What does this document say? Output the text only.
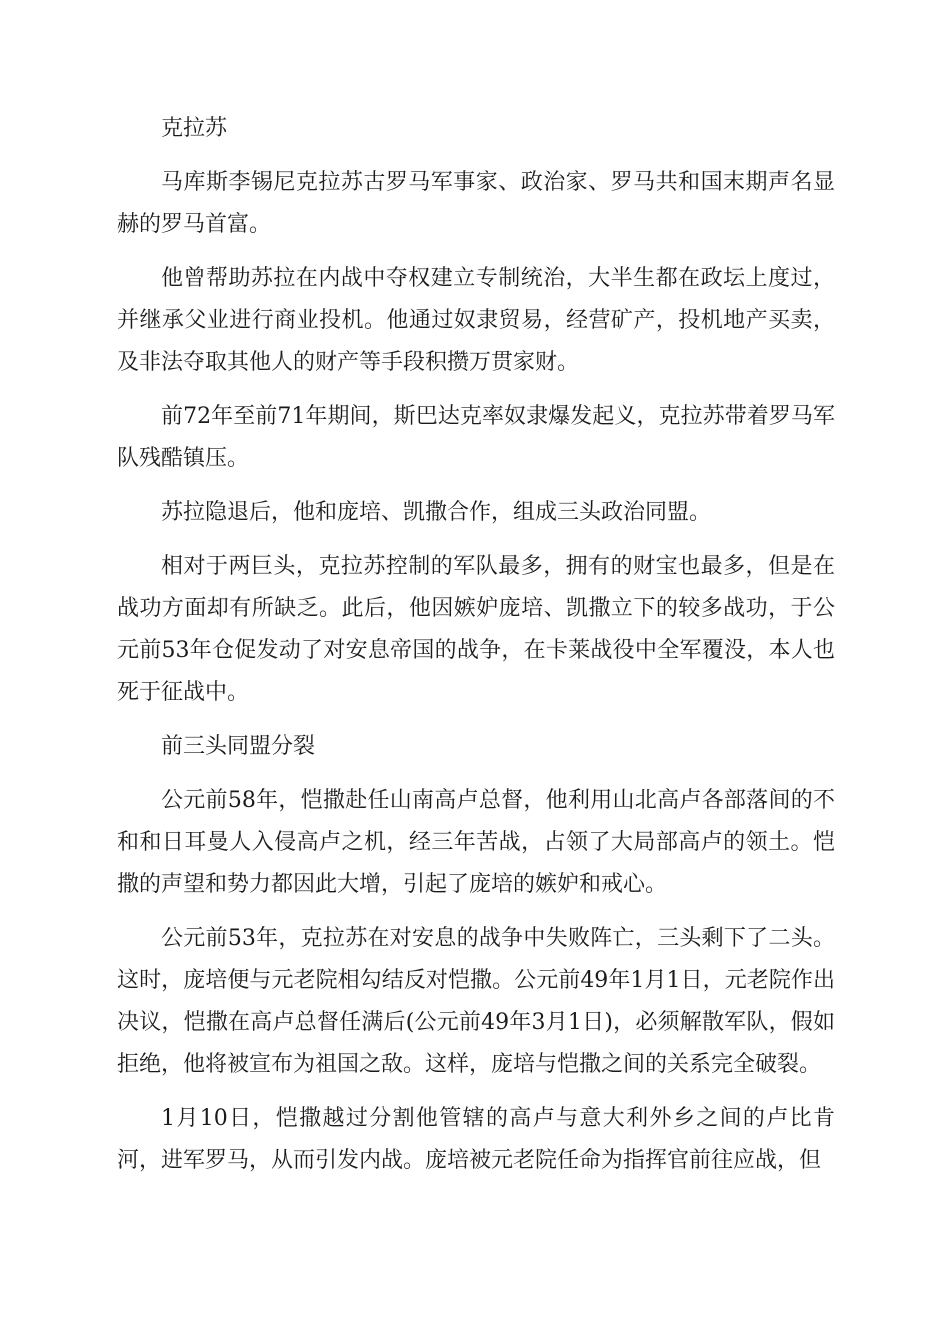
克拉苏

马库斯李锡尼克拉苏古罗马军事家、政治家、罗马共和国末期声名显赫的罗马首富。

他曾帮助苏拉在内战中夺权建立专制统治，大半生都在政坛上度过，并继承父业进行商业投机。他通过奴隶贸易，经营矿产，投机地产买卖，及非法夺取其他人的财产等手段积攒万贯家财。

前72年至前71年期间，斯巴达克率奴隶爆发起义，克拉苏带着罗马军队残酷镇压。

苏拉隐退后，他和庞培、凯撒合作，组成三头政治同盟。

相对于两巨头，克拉苏控制的军队最多，拥有的财宝也最多，但是在战功方面却有所缺乏。此后，他因嫉妒庞培、凯撒立下的较多战功，于公元前53年仓促发动了对安息帝国的战争，在卡莱战役中全军覆没，本人也死于征战中。

前三头同盟分裂

公元前58年，恺撒赴任山南高卢总督，他利用山北高卢各部落间的不和和日耳曼人入侵高卢之机，经三年苦战，占领了大局部高卢的领土。恺撒的声望和势力都因此大增，引起了庞培的嫉妒和戒心。

公元前53年，克拉苏在对安息的战争中失败阵亡，三头剩下了二头。这时，庞培便与元老院相勾结反对恺撒。公元前49年1月1日，元老院作出决议，恺撒在高卢总督任满后(公元前49年3月1日)，必须解散军队，假如拒绝，他将被宣布为祖国之敌。这样，庞培与恺撒之间的关系完全破裂。

1月10日，恺撒越过分割他管辖的高卢与意大利外乡之间的卢比肯河，进军罗马，从而引发内战。庞培被元老院任命为指挥官前往应战，但
